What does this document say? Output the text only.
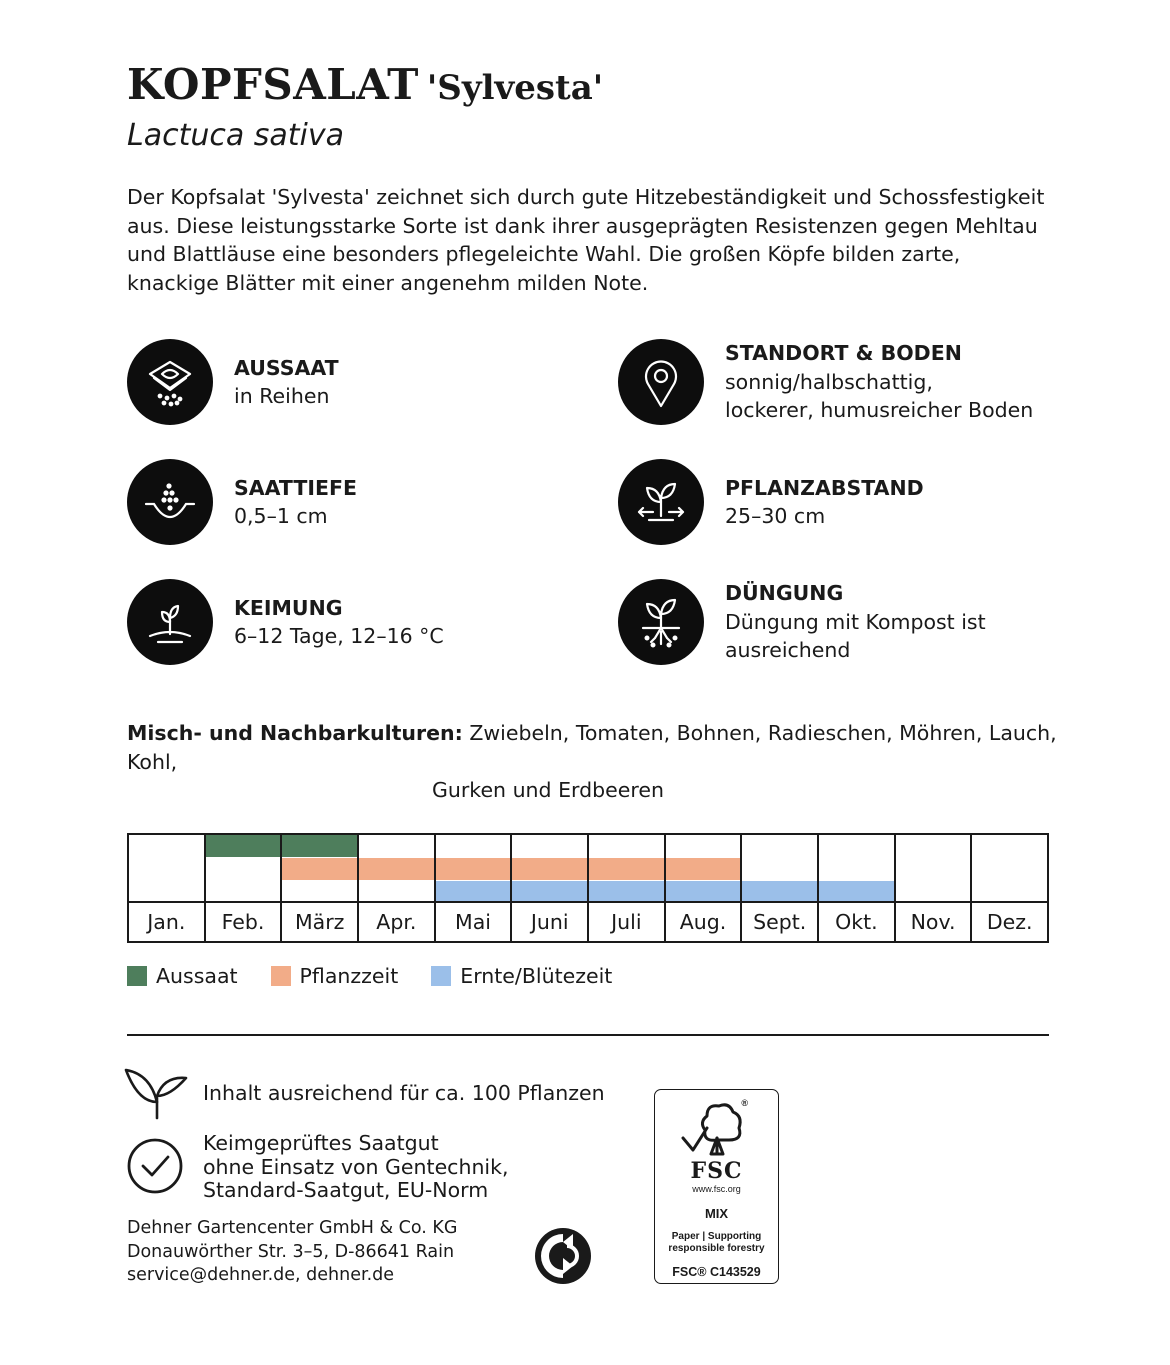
KOPFSALAT 'Sylvesta'
Lactuca sativa
Der Kopfsalat 'Sylvesta' zeichnet sich durch gute Hitzebeständigkeit und Schossfestigkeit aus. Diese leistungsstarke Sorte ist dank ihrer ausgeprägten Resistenzen gegen Mehltau und Blattläuse eine besonders pflegeleichte Wahl. Die großen Köpfe bilden zarte, knackige Blätter mit einer angenehm milden Note.
AUSSAAT
in Reihen
STANDORT & BODEN
sonnig/halbschattig,
lockerer, humusreicher Boden
SAATTIEFE
0,5–1 cm
PFLANZABSTAND
25–30 cm
KEIMUNG
6–12 Tage, 12–16 °C
DÜNGUNG
Düngung mit Kompost ist
ausreichend
Misch- und Nachbarkulturen: Zwiebeln, Tomaten, Bohnen, Radieschen, Möhren, Lauch, Kohl,
Gurken und Erdbeeren
Jan.	Feb.	März	Apr.	Mai	Juni	Juli	Aug.	Sept.	Okt.	Nov.	Dez.
Aussaat	Pflanzzeit	Ernte/Blütezeit
Inhalt ausreichend für ca. 100 Pflanzen
Keimgeprüftes Saatgut
ohne Einsatz von Gentechnik,
Standard-Saatgut, EU-Norm
Dehner Gartencenter GmbH & Co. KG
Donauwörther Str. 3–5, D-86641 Rain
service@dehner.de, dehner.de
®
FSC
www.fsc.org
MIX
Paper | Supporting
responsible forestry
FSC® C143529
